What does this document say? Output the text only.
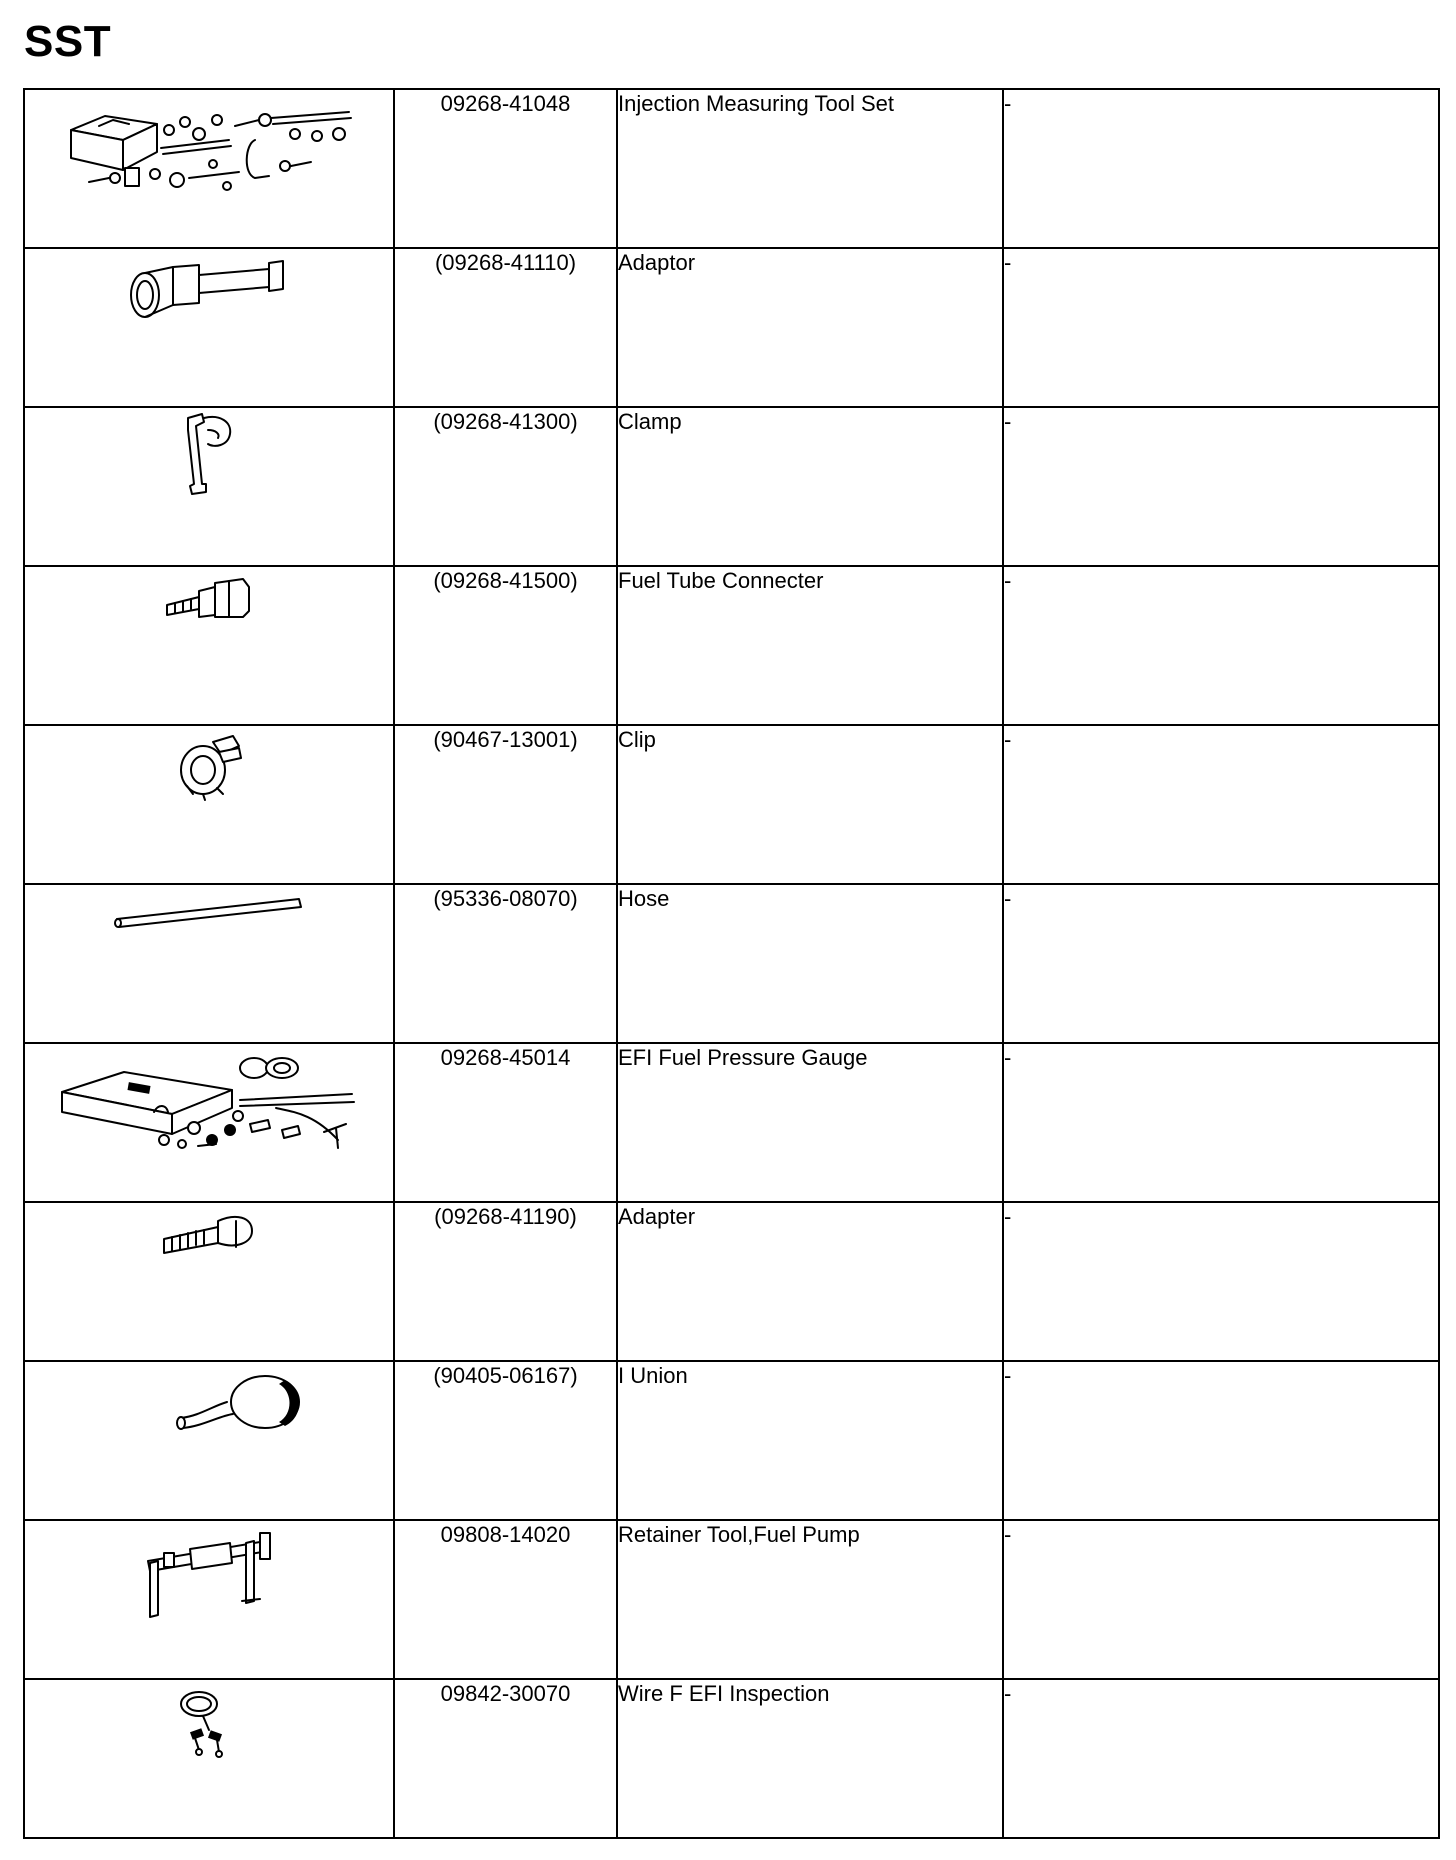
SST
	09268-41048	Injection Measuring Tool Set	-

	(09268-41110)	Adaptor	-

	(09268-41300)	Clamp	-

	(09268-41500)	Fuel Tube Connecter	-

	(90467-13001)	Clip	-

	(95336-08070)	Hose	-

	09268-45014	EFI Fuel Pressure Gauge	-

	(09268-41190)	Adapter	-

	(90405-06167)	I Union	-

	09808-14020	Retainer Tool,Fuel Pump	-

	09842-30070	Wire F EFI Inspection	-
